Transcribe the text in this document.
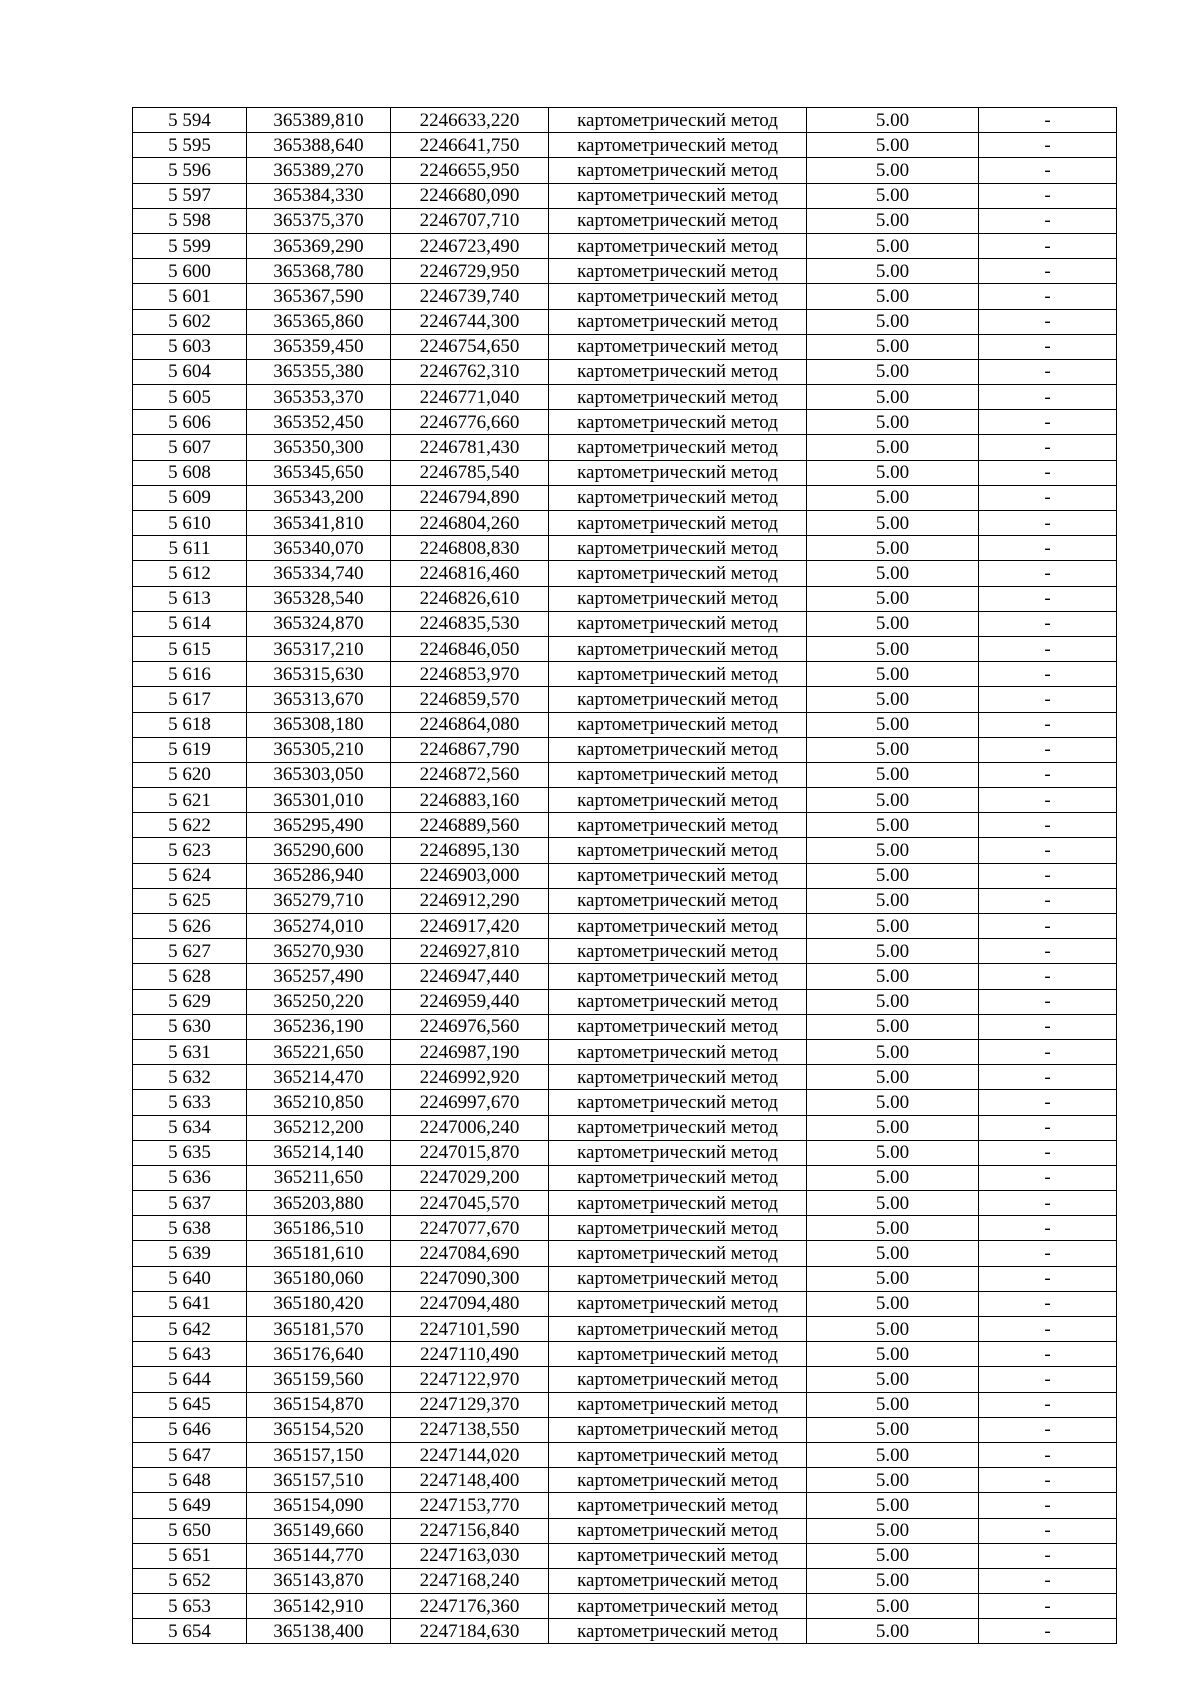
5 594	365389,810	2246633,220	картометрический метод	5.00	-
5 595	365388,640	2246641,750	картометрический метод	5.00	-
5 596	365389,270	2246655,950	картометрический метод	5.00	-
5 597	365384,330	2246680,090	картометрический метод	5.00	-
5 598	365375,370	2246707,710	картометрический метод	5.00	-
5 599	365369,290	2246723,490	картометрический метод	5.00	-
5 600	365368,780	2246729,950	картометрический метод	5.00	-
5 601	365367,590	2246739,740	картометрический метод	5.00	-
5 602	365365,860	2246744,300	картометрический метод	5.00	-
5 603	365359,450	2246754,650	картометрический метод	5.00	-
5 604	365355,380	2246762,310	картометрический метод	5.00	-
5 605	365353,370	2246771,040	картометрический метод	5.00	-
5 606	365352,450	2246776,660	картометрический метод	5.00	-
5 607	365350,300	2246781,430	картометрический метод	5.00	-
5 608	365345,650	2246785,540	картометрический метод	5.00	-
5 609	365343,200	2246794,890	картометрический метод	5.00	-
5 610	365341,810	2246804,260	картометрический метод	5.00	-
5 611	365340,070	2246808,830	картометрический метод	5.00	-
5 612	365334,740	2246816,460	картометрический метод	5.00	-
5 613	365328,540	2246826,610	картометрический метод	5.00	-
5 614	365324,870	2246835,530	картометрический метод	5.00	-
5 615	365317,210	2246846,050	картометрический метод	5.00	-
5 616	365315,630	2246853,970	картометрический метод	5.00	-
5 617	365313,670	2246859,570	картометрический метод	5.00	-
5 618	365308,180	2246864,080	картометрический метод	5.00	-
5 619	365305,210	2246867,790	картометрический метод	5.00	-
5 620	365303,050	2246872,560	картометрический метод	5.00	-
5 621	365301,010	2246883,160	картометрический метод	5.00	-
5 622	365295,490	2246889,560	картометрический метод	5.00	-
5 623	365290,600	2246895,130	картометрический метод	5.00	-
5 624	365286,940	2246903,000	картометрический метод	5.00	-
5 625	365279,710	2246912,290	картометрический метод	5.00	-
5 626	365274,010	2246917,420	картометрический метод	5.00	-
5 627	365270,930	2246927,810	картометрический метод	5.00	-
5 628	365257,490	2246947,440	картометрический метод	5.00	-
5 629	365250,220	2246959,440	картометрический метод	5.00	-
5 630	365236,190	2246976,560	картометрический метод	5.00	-
5 631	365221,650	2246987,190	картометрический метод	5.00	-
5 632	365214,470	2246992,920	картометрический метод	5.00	-
5 633	365210,850	2246997,670	картометрический метод	5.00	-
5 634	365212,200	2247006,240	картометрический метод	5.00	-
5 635	365214,140	2247015,870	картометрический метод	5.00	-
5 636	365211,650	2247029,200	картометрический метод	5.00	-
5 637	365203,880	2247045,570	картометрический метод	5.00	-
5 638	365186,510	2247077,670	картометрический метод	5.00	-
5 639	365181,610	2247084,690	картометрический метод	5.00	-
5 640	365180,060	2247090,300	картометрический метод	5.00	-
5 641	365180,420	2247094,480	картометрический метод	5.00	-
5 642	365181,570	2247101,590	картометрический метод	5.00	-
5 643	365176,640	2247110,490	картометрический метод	5.00	-
5 644	365159,560	2247122,970	картометрический метод	5.00	-
5 645	365154,870	2247129,370	картометрический метод	5.00	-
5 646	365154,520	2247138,550	картометрический метод	5.00	-
5 647	365157,150	2247144,020	картометрический метод	5.00	-
5 648	365157,510	2247148,400	картометрический метод	5.00	-
5 649	365154,090	2247153,770	картометрический метод	5.00	-
5 650	365149,660	2247156,840	картометрический метод	5.00	-
5 651	365144,770	2247163,030	картометрический метод	5.00	-
5 652	365143,870	2247168,240	картометрический метод	5.00	-
5 653	365142,910	2247176,360	картометрический метод	5.00	-
5 654	365138,400	2247184,630	картометрический метод	5.00	-
